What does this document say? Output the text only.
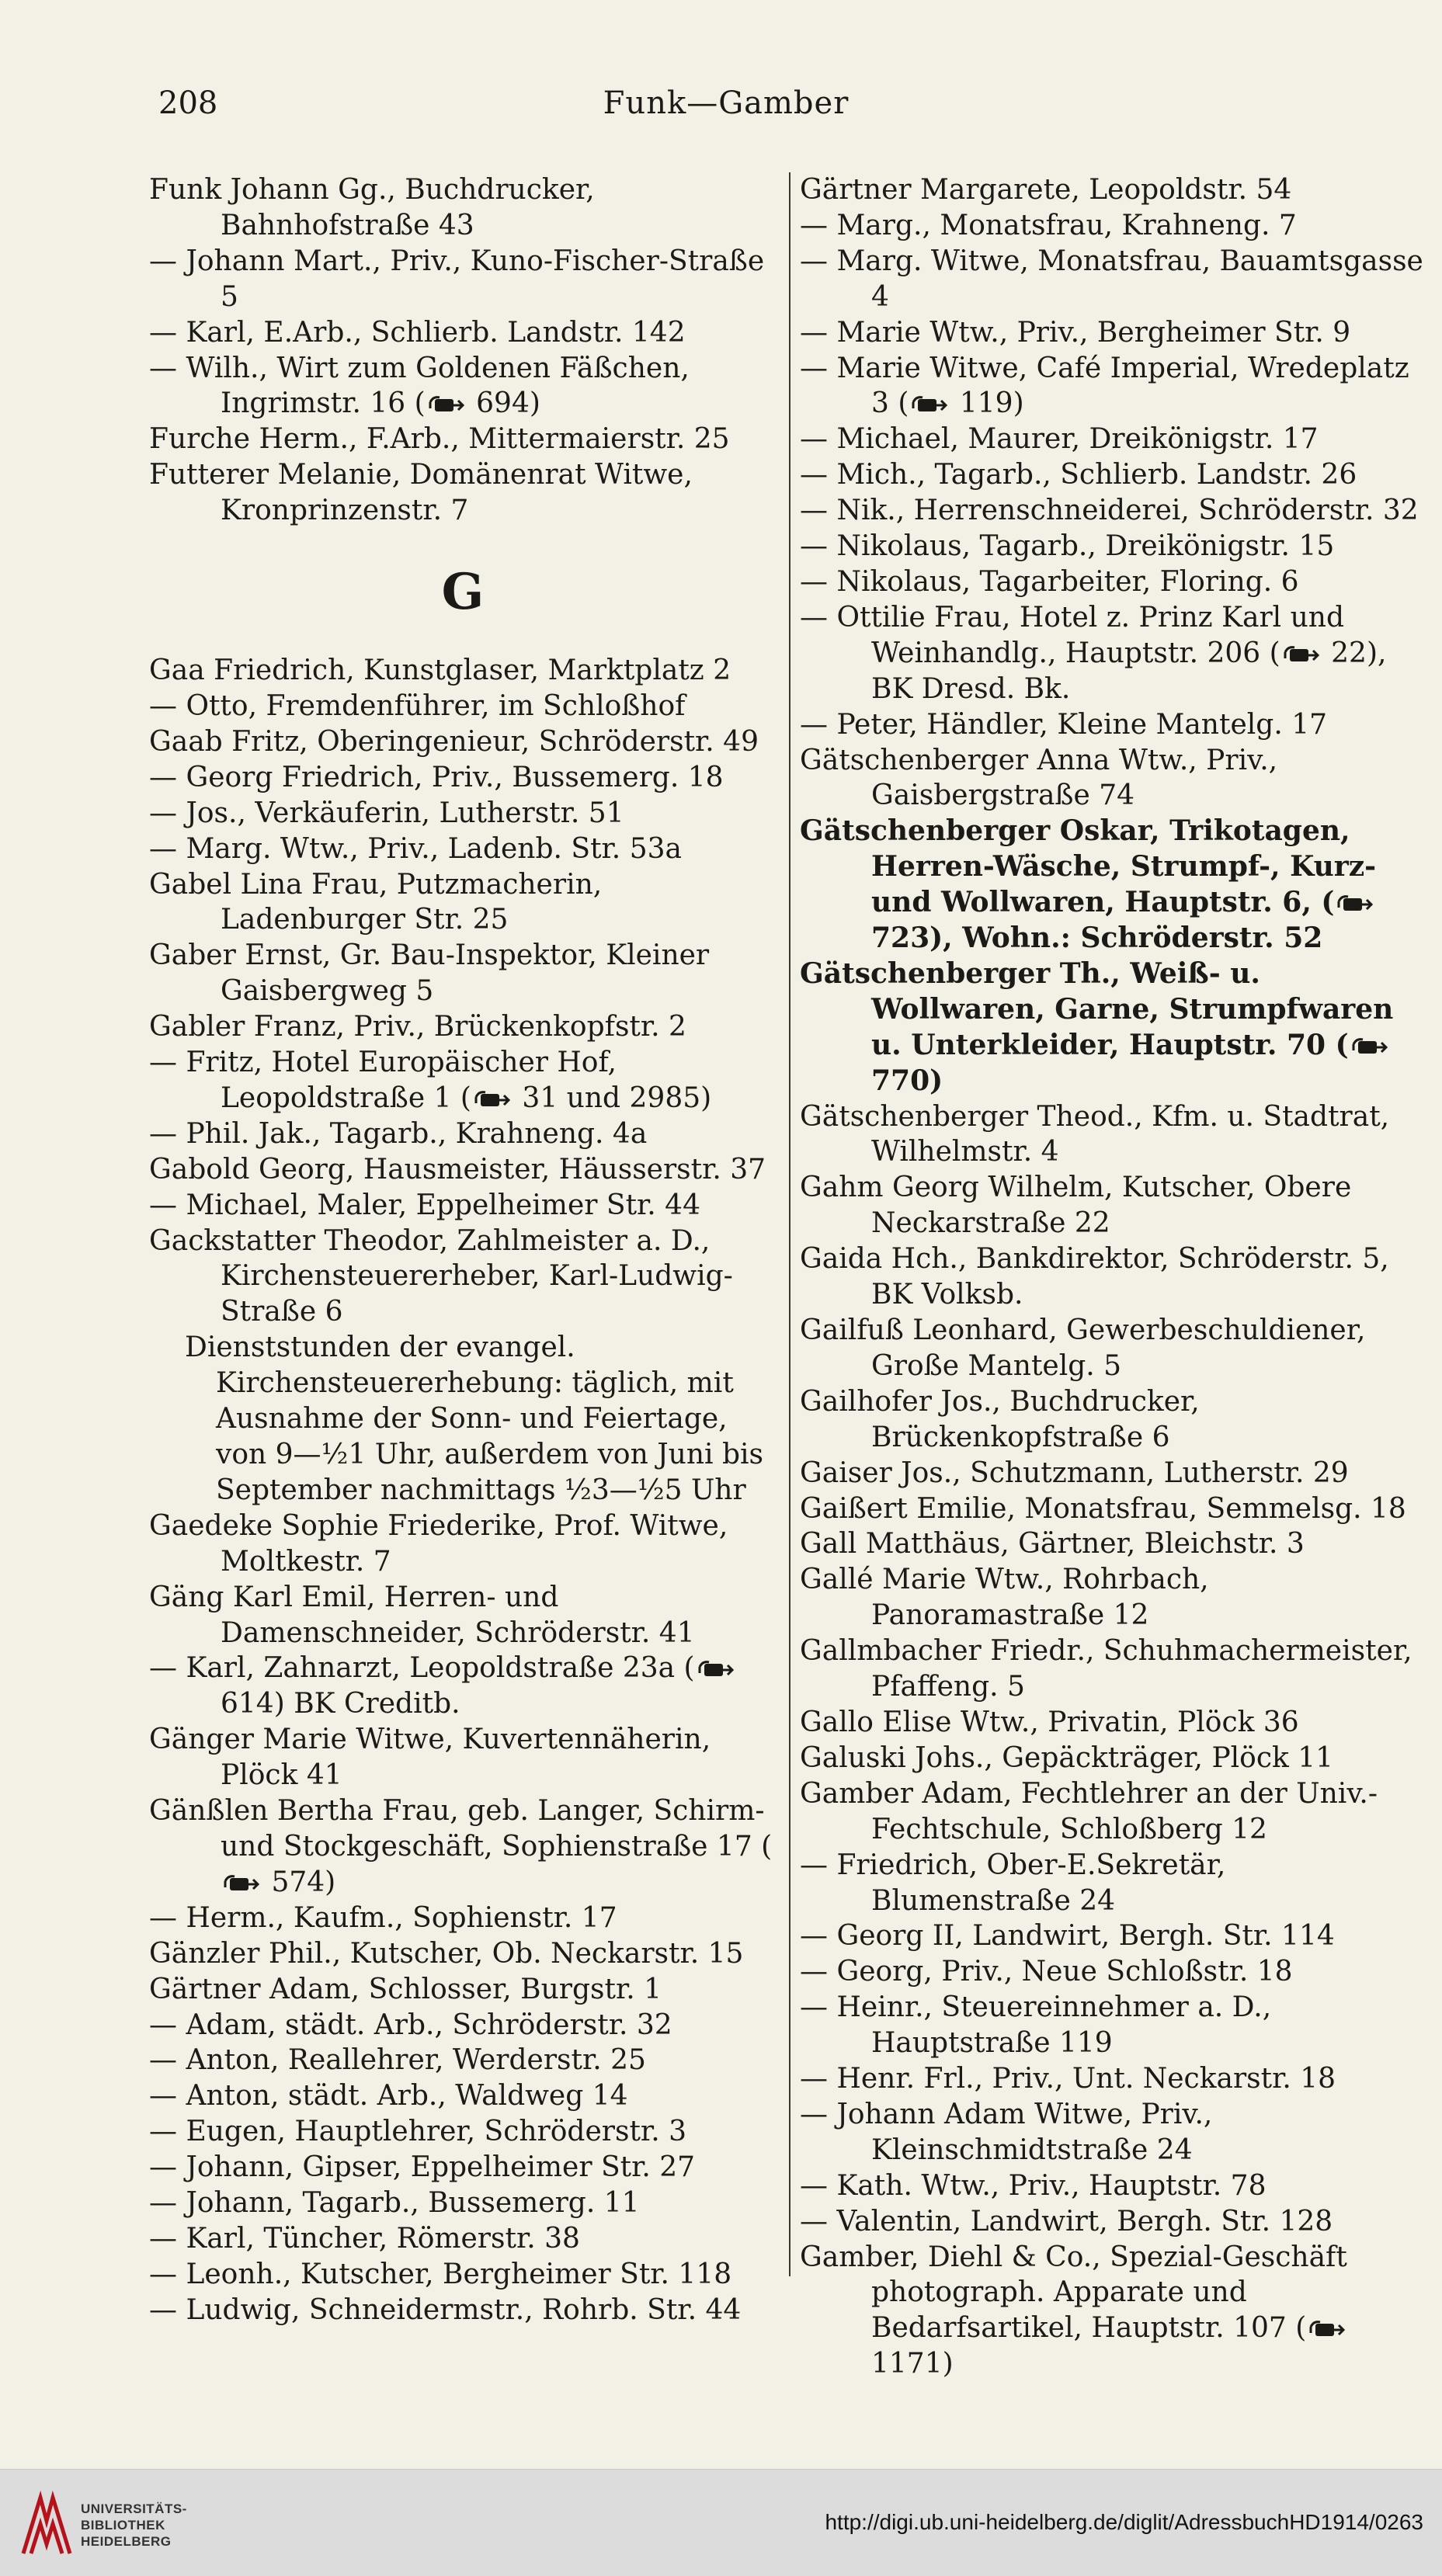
208	Funk—Gamber
Funk Johann Gg., Buchdrucker, Bahnhofstraße 43
— Johann Mart., Priv., Kuno-Fischer-Straße 5
— Karl, E.Arb., Schlierb. Landstr. 142
— Wilh., Wirt zum Goldenen Fäßchen, Ingrimstr. 16 ( 694)
Furche Herm., F.Arb., Mittermaierstr. 25
Futterer Melanie, Domänenrat Witwe, Kronprinzenstr. 7
G
Gaa Friedrich, Kunstglaser, Marktplatz 2
— Otto, Fremdenführer, im Schloßhof
Gaab Fritz, Oberingenieur, Schröderstr. 49
— Georg Friedrich, Priv., Bussemerg. 18
— Jos., Verkäuferin, Lutherstr. 51
— Marg. Wtw., Priv., Ladenb. Str. 53a
Gabel Lina Frau, Putzmacherin, Ladenburger Str. 25
Gaber Ernst, Gr. Bau-Inspektor, Kleiner Gaisbergweg 5
Gabler Franz, Priv., Brückenkopfstr. 2
— Fritz, Hotel Europäischer Hof, Leopoldstraße 1 ( 31 und 2985)
— Phil. Jak., Tagarb., Krahneng. 4a
Gabold Georg, Hausmeister, Häusserstr. 37
— Michael, Maler, Eppelheimer Str. 44
Gackstatter Theodor, Zahlmeister a. D., Kirchensteuererheber, Karl-Ludwig-Straße 6
Dienststunden der evangel. Kirchensteuererhebung: täglich, mit Ausnahme der Sonn- und Feiertage, von 9—½1 Uhr, außerdem von Juni bis September nachmittags ½3—½5 Uhr
Gaedeke Sophie Friederike, Prof. Witwe, Moltkestr. 7
Gäng Karl Emil, Herren- und Damenschneider, Schröderstr. 41
— Karl, Zahnarzt, Leopoldstraße 23a ( 614) BK Creditb.
Gänger Marie Witwe, Kuvertennäherin, Plöck 41
Gänßlen Bertha Frau, geb. Langer, Schirm- und Stockgeschäft, Sophienstraße 17 ( 574)
— Herm., Kaufm., Sophienstr. 17
Gänzler Phil., Kutscher, Ob. Neckarstr. 15
Gärtner Adam, Schlosser, Burgstr. 1
— Adam, städt. Arb., Schröderstr. 32
— Anton, Reallehrer, Werderstr. 25
— Anton, städt. Arb., Waldweg 14
— Eugen, Hauptlehrer, Schröderstr. 3
— Johann, Gipser, Eppelheimer Str. 27
— Johann, Tagarb., Bussemerg. 11
— Karl, Tüncher, Römerstr. 38
— Leonh., Kutscher, Bergheimer Str. 118
— Ludwig, Schneidermstr., Rohrb. Str. 44
Gärtner Margarete, Leopoldstr. 54
— Marg., Monatsfrau, Krahneng. 7
— Marg. Witwe, Monatsfrau, Bauamtsgasse 4
— Marie Wtw., Priv., Bergheimer Str. 9
— Marie Witwe, Café Imperial, Wredeplatz 3 ( 119)
— Michael, Maurer, Dreikönigstr. 17
— Mich., Tagarb., Schlierb. Landstr. 26
— Nik., Herrenschneiderei, Schröderstr. 32
— Nikolaus, Tagarb., Dreikönigstr. 15
— Nikolaus, Tagarbeiter, Floring. 6
— Ottilie Frau, Hotel z. Prinz Karl und Weinhandlg., Hauptstr. 206 ( 22), BK Dresd. Bk.
— Peter, Händler, Kleine Mantelg. 17
Gätschenberger Anna Wtw., Priv., Gaisbergstraße 74
Gätschenberger Oskar, Trikotagen, Herren-Wäsche, Strumpf-, Kurz- und Wollwaren, Hauptstr. 6, ( 723), Wohn.: Schröderstr. 52
Gätschenberger Th., Weiß- u. Wollwaren, Garne, Strumpfwaren u. Unterkleider, Hauptstr. 70 (770)
Gätschenberger Theod., Kfm. u. Stadtrat, Wilhelmstr. 4
Gahm Georg Wilhelm, Kutscher, Obere Neckarstraße 22
Gaida Hch., Bankdirektor, Schröderstr. 5, BK Volksb.
Gailfuß Leonhard, Gewerbeschuldiener, Große Mantelg. 5
Gailhofer Jos., Buchdrucker, Brückenkopfstraße 6
Gaiser Jos., Schutzmann, Lutherstr. 29
Gaißert Emilie, Monatsfrau, Semmelsg. 18
Gall Matthäus, Gärtner, Bleichstr. 3
Gallé Marie Wtw., Rohrbach, Panoramastraße 12
Gallmbacher Friedr., Schuhmachermeister, Pfaffeng. 5
Gallo Elise Wtw., Privatin, Plöck 36
Galuski Johs., Gepäckträger, Plöck 11
Gamber Adam, Fechtlehrer an der Univ.-Fechtschule, Schloßberg 12
— Friedrich, Ober-E.Sekretär, Blumenstraße 24
— Georg II, Landwirt, Bergh. Str. 114
— Georg, Priv., Neue Schloßstr. 18
— Heinr., Steuereinnehmer a. D., Hauptstraße 119
— Henr. Frl., Priv., Unt. Neckarstr. 18
— Johann Adam Witwe, Priv., Kleinschmidtstraße 24
— Kath. Wtw., Priv., Hauptstr. 78
— Valentin, Landwirt, Bergh. Str. 128
Gamber, Diehl & Co., Spezial-Geschäft photograph. Apparate und Bedarfsartikel, Hauptstr. 107 ( 1171)
UNIVERSITÄTS-
BIBLIOTHEK
HEIDELBERG
http://digi.ub.uni-heidelberg.de/diglit/AdressbuchHD1914/0263
